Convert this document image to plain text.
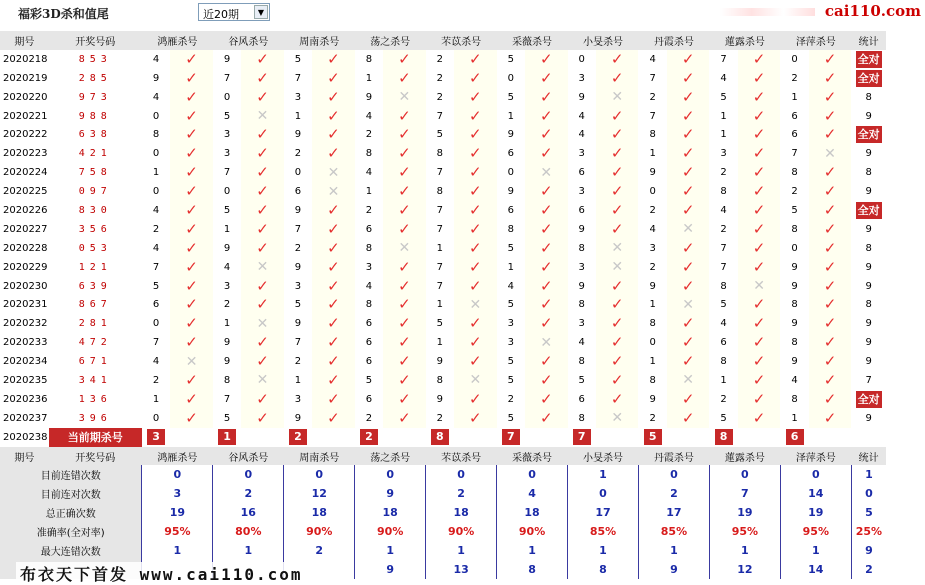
福彩3D杀和值尾	近20期	▼	cai110.com
期号	开奖号码	鸿雁杀号		谷风杀号		周南杀号		荡之杀号		芣苡杀号		采薇杀号		小旻杀号		丹霞杀号		蓮露杀号		泽萍杀号		统计
2020218	853	4	✓	9	✓	5	✓	8	✓	2	✓	5	✓	0	✓	4	✓	7	✓	0	✓	全对
2020219	285	9	✓	7	✓	7	✓	1	✓	2	✓	0	✓	3	✓	7	✓	4	✓	2	✓	全对
2020220	973	4	✓	0	✓	3	✓	9	✕	2	✓	5	✓	9	✕	2	✓	5	✓	1	✓	8
2020221	988	0	✓	5	✕	1	✓	4	✓	7	✓	1	✓	4	✓	7	✓	1	✓	6	✓	9
2020222	638	8	✓	3	✓	9	✓	2	✓	5	✓	9	✓	4	✓	8	✓	1	✓	6	✓	全对
2020223	421	0	✓	3	✓	2	✓	8	✓	8	✓	6	✓	3	✓	1	✓	3	✓	7	✕	9
2020224	758	1	✓	7	✓	0	✕	4	✓	7	✓	0	✕	6	✓	9	✓	2	✓	8	✓	8
2020225	097	0	✓	0	✓	6	✕	1	✓	8	✓	9	✓	3	✓	0	✓	8	✓	2	✓	9
2020226	830	4	✓	5	✓	9	✓	2	✓	7	✓	6	✓	6	✓	2	✓	4	✓	5	✓	全对
2020227	356	2	✓	1	✓	7	✓	6	✓	7	✓	8	✓	9	✓	4	✕	2	✓	8	✓	9
2020228	053	4	✓	9	✓	2	✓	8	✕	1	✓	5	✓	8	✕	3	✓	7	✓	0	✓	8
2020229	121	7	✓	4	✕	9	✓	3	✓	7	✓	1	✓	3	✕	2	✓	7	✓	9	✓	9
2020230	639	5	✓	3	✓	3	✓	4	✓	7	✓	4	✓	9	✓	9	✓	8	✕	9	✓	9
2020231	867	6	✓	2	✓	5	✓	8	✓	1	✕	5	✓	8	✓	1	✕	5	✓	8	✓	8
2020232	281	0	✓	1	✕	9	✓	6	✓	5	✓	3	✓	3	✓	8	✓	4	✓	9	✓	9
2020233	472	7	✓	9	✓	7	✓	6	✓	1	✓	3	✕	4	✓	0	✓	6	✓	8	✓	9
2020234	671	4	✕	9	✓	2	✓	6	✓	9	✓	5	✓	8	✓	1	✓	8	✓	9	✓	9
2020235	341	2	✓	8	✕	1	✓	5	✓	8	✕	5	✓	5	✓	8	✕	1	✓	4	✓	7
2020236	136	1	✓	7	✓	3	✓	6	✓	9	✓	2	✓	6	✓	9	✓	2	✓	8	✓	全对
2020237	396	0	✓	5	✓	9	✓	2	✓	2	✓	5	✓	8	✕	2	✓	5	✓	1	✓	9
2020238	当前期杀号	3		1		2		2		8		7		7		5		8		6		
期号	开奖号码	鸿雁杀号		谷风杀号		周南杀号		荡之杀号		芣苡杀号		采薇杀号		小旻杀号		丹霞杀号		蓮露杀号		泽萍杀号		统计
目前连错次数		0		0		0		0		0		0		1		0		0		0		1
目前连对次数		3		2		12		9		2		4		0		2		7		14		0
总正确次数		19		16		18		18		18		18		17		17		19		19		5
准确率(全对率)		95%		80%		90%		90%		90%		90%		85%		85%		95%		95%		25%
最大连错次数		1		1		2		1		1		1		1		1		1		1		9
								9		13		8		8		9		12		14		2
布衣天下首发 www.cai110.com
